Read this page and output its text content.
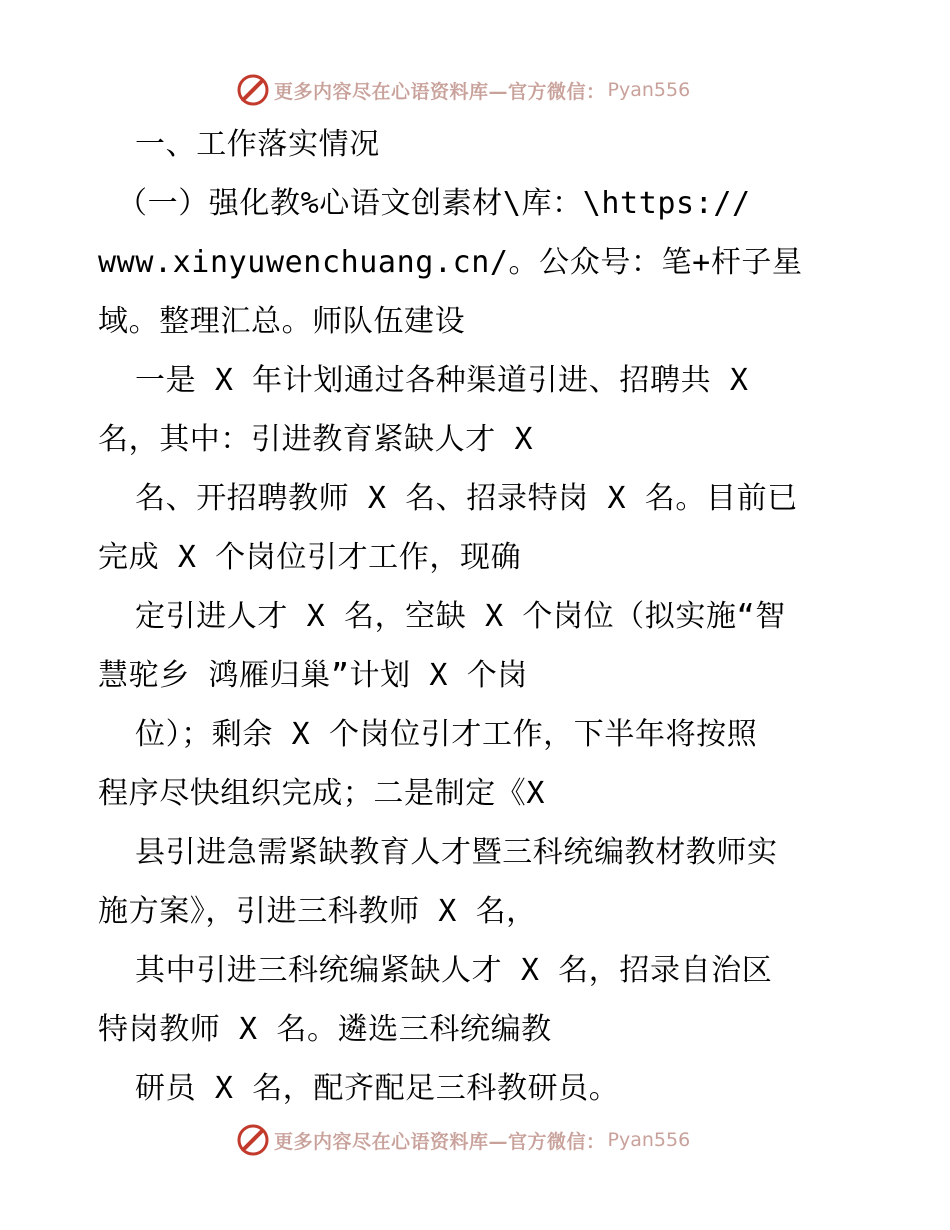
更多内容尽在心语资料库—官方微信： Pyan556
一、工作落实情况
（一）强化教%心语文创素材\库：\https://
www.xinyuwenchuang.cn/。公众号：笔+杆子星
域。整理汇总。师队伍建设
一是 X 年计划通过各种渠道引进、招聘共 X
名，其中：引进教育紧缺人才 X
名、开招聘教师 X 名、招录特岗 X 名。目前已
完成 X 个岗位引才工作，现确
定引进人才 X 名，空缺 X 个岗位（拟实施“智
慧驼乡 鸿雁归巢”计划 X 个岗
位）；剩余 X 个岗位引才工作，下半年将按照
程序尽快组织完成；二是制定《X
县引进急需紧缺教育人才暨三科统编教材教师实
施方案》，引进三科教师 X 名，
其中引进三科统编紧缺人才 X 名，招录自治区
特岗教师 X 名。遴选三科统编教
研员 X 名，配齐配足三科教研员。
更多内容尽在心语资料库—官方微信： Pyan556
